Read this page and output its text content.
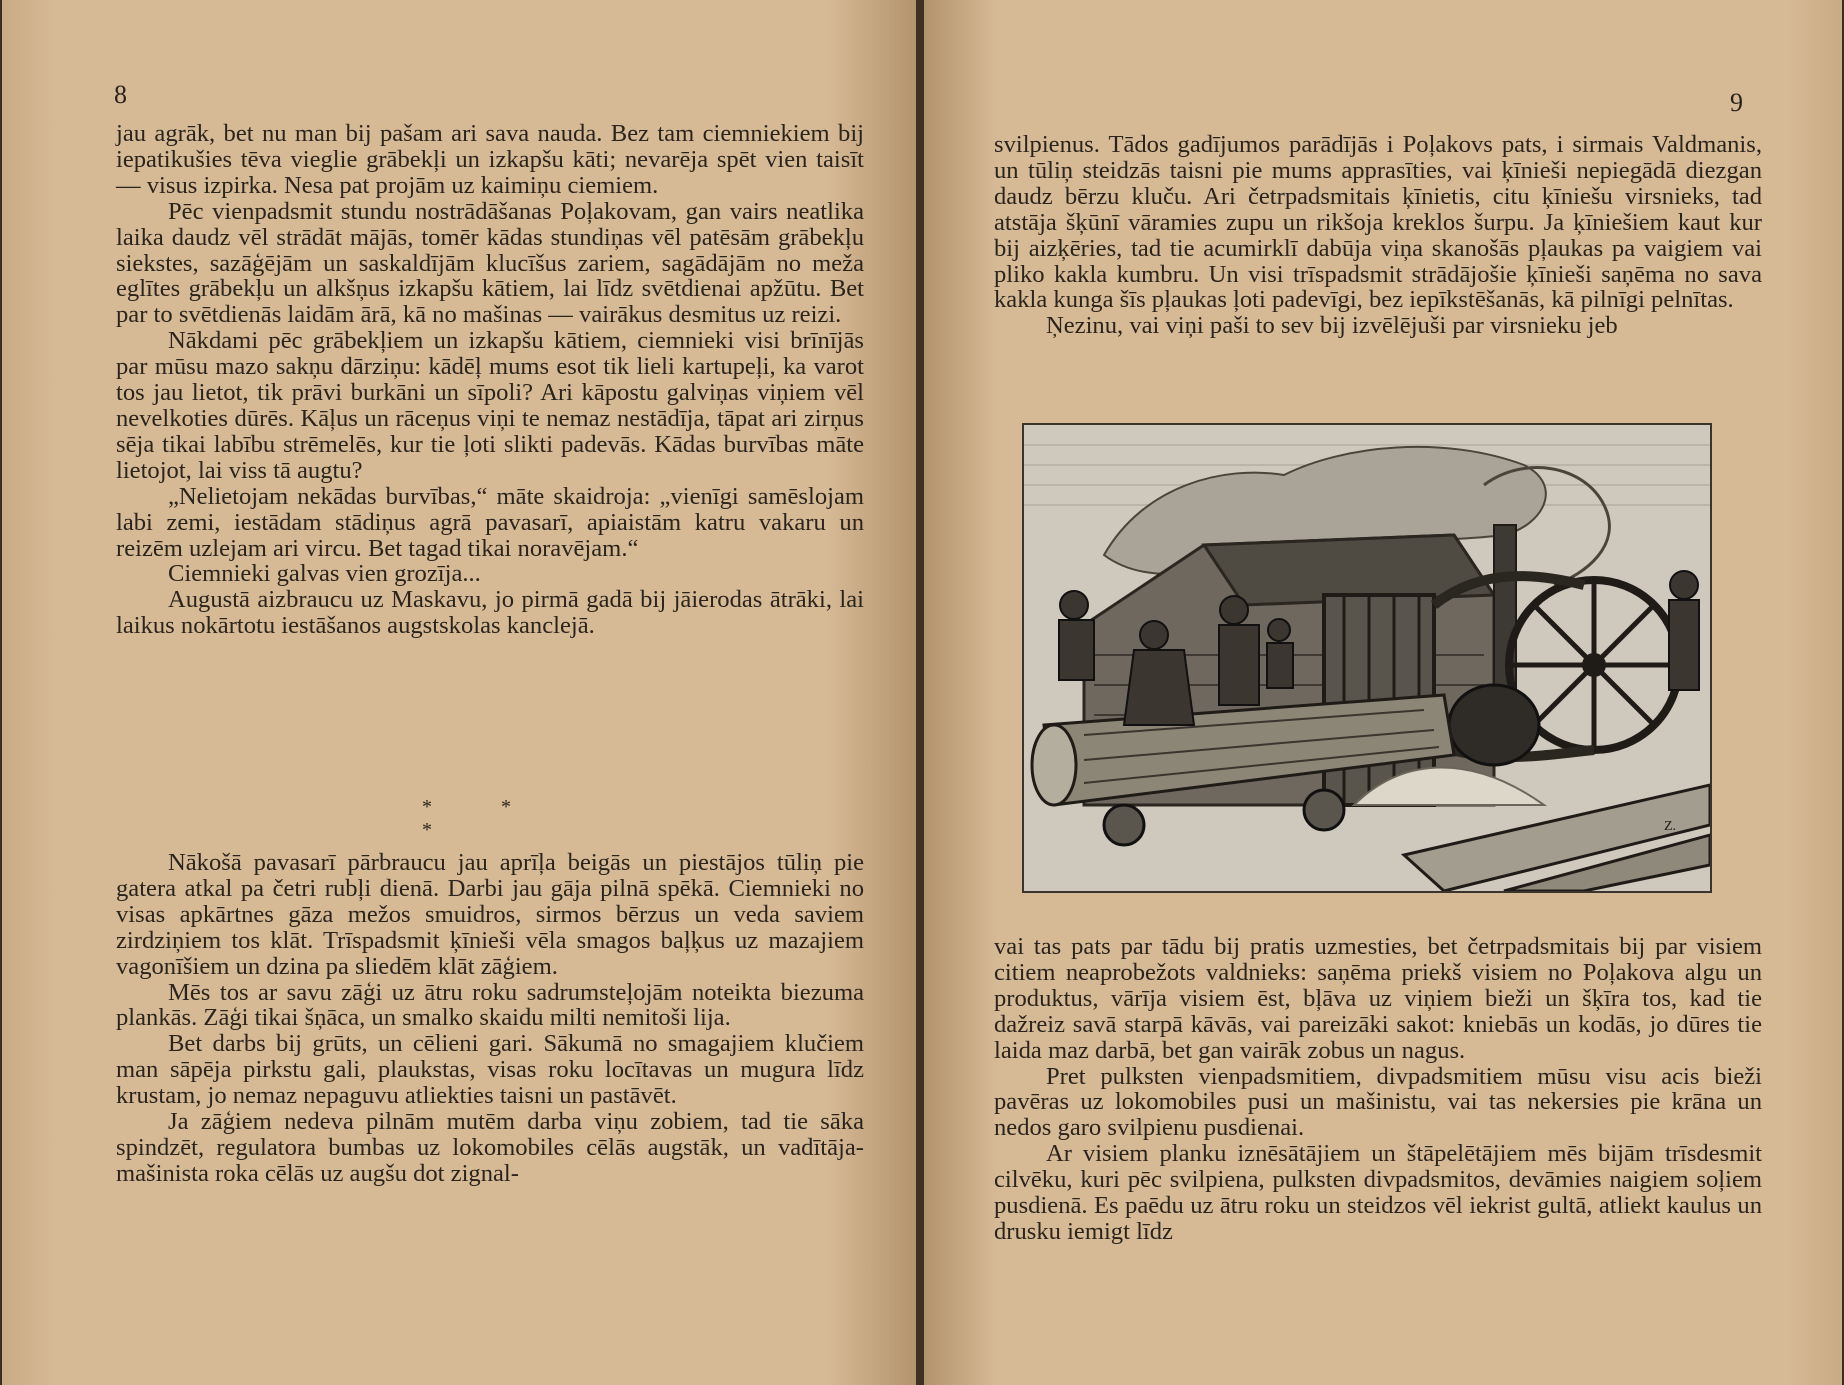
8

jau agrāk, bet nu man bij pašam ari sava nauda. Bez tam ciemniekiem bij iepatikušies tēva vieglie grābekļi un izkapšu kāti; nevarēja spēt vien taisīt — visus izpirka. Nesa pat projām uz kaimiņu ciemiem.

Pēc vienpadsmit stundu nostrādāšanas Poļakovam, gan vairs neatlika laika daudz vēl strādāt mājās, tomēr kādas stundiņas vēl patēsām grābekļu siekstes, sazāģējām un saskaldījām klucīšus zariem, sagādājām no meža eglītes grābekļu un alkšņus izkapšu kātiem, lai līdz svētdienai apžūtu. Bet par to svētdienās laidām ārā, kā no mašinas — vairākus desmitus uz reizi.

Nākdami pēc grābekļiem un izkapšu kātiem, ciemnieki visi brīnījās par mūsu mazo sakņu dārziņu: kādēļ mums esot tik lieli kartupeļi, ka varot tos jau lietot, tik prāvi burkāni un sīpoli? Ari kāpostu galviņas viņiem vēl nevelkoties dūrēs. Kāļus un rāceņus viņi te nemaz nestādīja, tāpat ari zirņus sēja tikai labību strēmelēs, kur tie ļoti slikti padevās. Kādas burvības māte lietojot, lai viss tā augtu?

„Nelietojam nekādas burvības,“ māte skaidroja: „vienīgi samēslojam labi zemi, iestādam stādiņus agrā pavasarī, apiaistām katru vakaru un reizēm uzlejam ari vircu. Bet tagad tikai noravējam.“

Ciemnieki galvas vien grozīja...

Augustā aizbraucu uz Maskavu, jo pirmā gadā bij jāierodas ātrāki, lai laikus nokārtotu iestāšanos augstskolas kanclejā.

* * *

Nākošā pavasarī pārbraucu jau aprīļa beigās un piestājos tūliņ pie gatera atkal pa četri rubļi dienā. Darbi jau gāja pilnā spēkā. Ciemnieki no visas apkārtnes gāza mežos smuidros, sirmos bērzus un veda saviem zirdziņiem tos klāt. Trīspadsmit ķīnieši vēla smagos baļķus uz mazajiem vagonīšiem un dzina pa sliedēm klāt zāģiem.

Mēs tos ar savu zāģi uz ātru roku sadrumsteļojām noteikta biezuma plankās. Zāģi tikai šņāca, un smalko skaidu milti nemitoši lija.

Bet darbs bij grūts, un cēlieni gari. Sākumā no smagajiem klučiem man sāpēja pirkstu gali, plaukstas, visas roku locītavas un mugura līdz krustam, jo nemaz nepaguvu atliekties taisni un pastāvēt.

Ja zāģiem nedeva pilnām mutēm darba viņu zobiem, tad tie sāka spindzēt, regulatora bumbas uz lokomobiles cēlās augstāk, un vadītāja-mašinista roka cēlās uz augšu dot zignal-

9

svilpienus. Tādos gadījumos parādījās i Poļakovs pats, i sirmais Valdmanis, un tūliņ steidzās taisni pie mums apprasīties, vai ķīnieši nepiegādā diezgan daudz bērzu kluču. Ari četrpadsmitais ķīnietis, citu ķīniešu virsnieks, tad atstāja šķūnī vāramies zupu un rikšoja kreklos šurpu. Ja ķīniešiem kaut kur bij aizķēries, tad tie acumirklī dabūja viņa skanošās pļaukas pa vaigiem vai pliko kakla kumbru. Un visi trīspadsmit strādājošie ķīnieši saņēma no sava kakla kunga šīs pļaukas ļoti padevīgi, bez iepīkstēšanās, kā pilnīgi pelnītas.

Ņezinu, vai viņi paši to sev bij izvēlējuši par virsnieku jeb

vai tas pats par tādu bij pratis uzmesties, bet četrpadsmitais bij par visiem citiem neaprobežots valdnieks: saņēma priekš visiem no Poļakova algu un produktus, vārīja visiem ēst, bļāva uz viņiem bieži un šķīra tos, kad tie dažreiz savā starpā kāvās, vai pareizāki sakot: kniebās un kodās, jo dūres tie laida maz darbā, bet gan vairāk zobus un nagus.

Pret pulksten vienpadsmitiem, divpadsmitiem mūsu visu acis bieži pavēras uz lokomobiles pusi un mašinistu, vai tas nekersies pie krāna un nedos garo svilpienu pusdienai.

Ar visiem planku iznēsātājiem un štāpelētājiem mēs bijām trīsdesmit cilvēku, kuri pēc svilpiena, pulksten divpadsmitos, devāmies naigiem soļiem pusdienā. Es paēdu uz ātru roku un steidzos vēl iekrist gultā, atliekt kaulus un drusku iemigt līdz

Z.
